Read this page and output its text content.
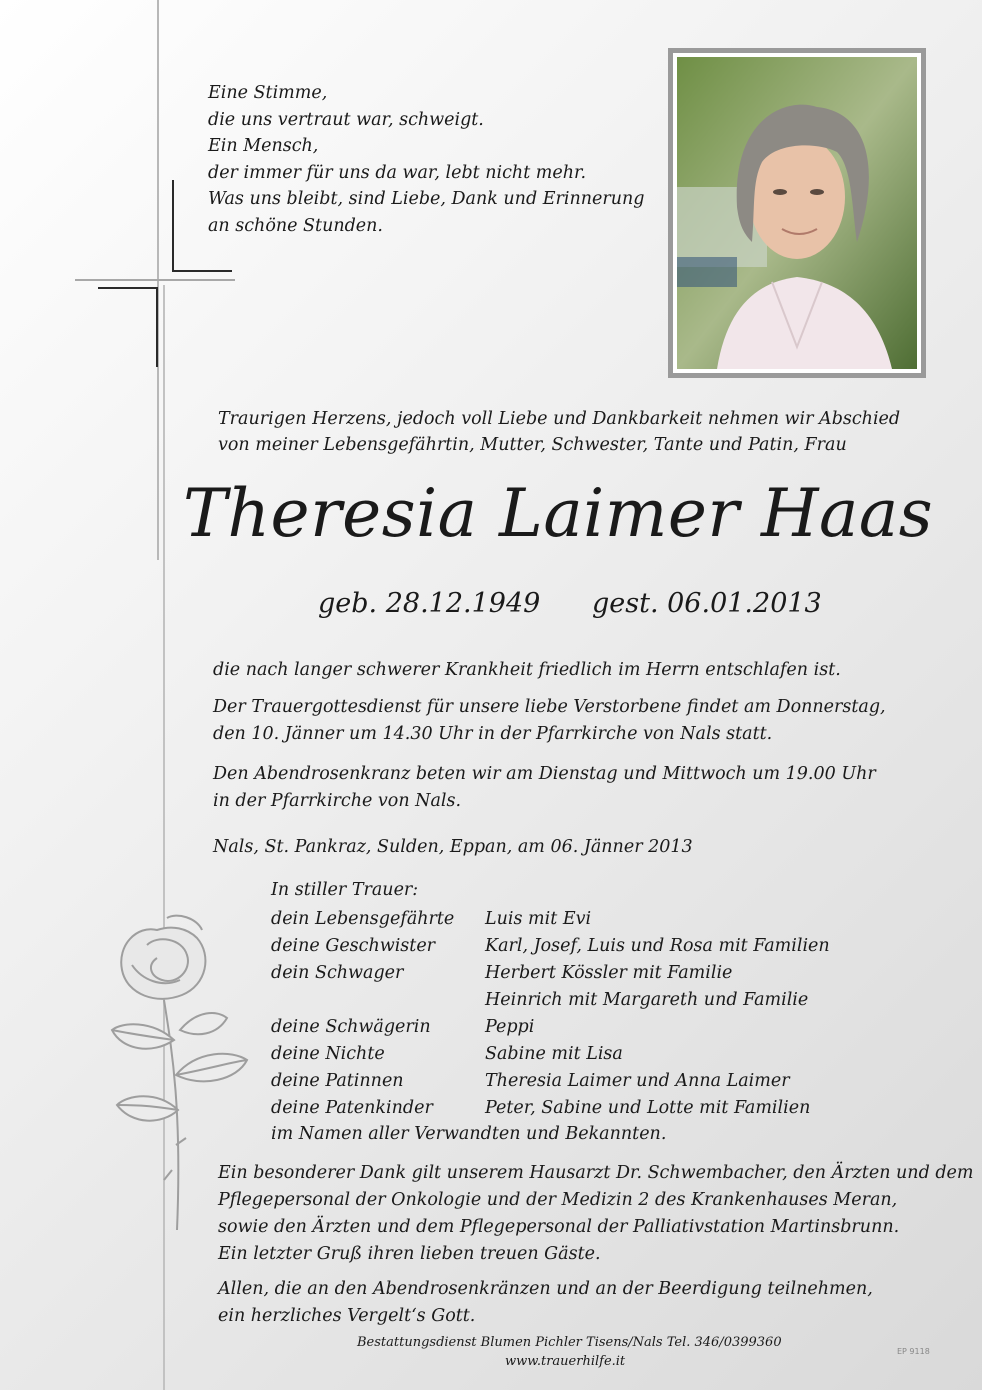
Eine Stimme,
die uns vertraut war, schweigt.
Ein Mensch,
der immer für uns da war, lebt nicht mehr.
Was uns bleibt, sind Liebe, Dank und Erinnerung
an schöne Stunden.
Traurigen Herzens, jedoch voll Liebe und Dankbarkeit nehmen wir Abschied
von meiner Lebensgefährtin, Mutter, Schwester, Tante und Patin, Frau
Theresia Laimer Haas
geb. 28.12.1949 gest. 06.01.2013
die nach langer schwerer Krankheit friedlich im Herrn entschlafen ist.
Der Trauergottesdienst für unsere liebe Verstorbene findet am Donnerstag,
den 10. Jänner um 14.30 Uhr in der Pfarrkirche von Nals statt.
Den Abendrosenkranz beten wir am Dienstag und Mittwoch um 19.00 Uhr
in der Pfarrkirche von Nals.
Nals, St. Pankraz, Sulden, Eppan, am 06. Jänner 2013
In stiller Trauer:
dein Lebensgefährte	Luis mit Evi
deine Geschwister	Karl, Josef, Luis und Rosa mit Familien
dein Schwager	Herbert Kössler mit Familie
Heinrich mit Margareth und Familie
deine Schwägerin	Peppi
deine Nichte	Sabine mit Lisa
deine Patinnen	Theresia Laimer und Anna Laimer
deine Patenkinder	Peter, Sabine und Lotte mit Familien
im Namen aller Verwandten und Bekannten.
Ein besonderer Dank gilt unserem Hausarzt Dr. Schwembacher, den Ärzten und dem
Pflegepersonal der Onkologie und der Medizin 2 des Krankenhauses Meran,
sowie den Ärzten und dem Pflegepersonal der Palliativstation Martinsbrunn.
Ein letzter Gruß ihren lieben treuen Gäste.
Allen, die an den Abendrosenkränzen und an der Beerdigung teilnehmen,
ein herzliches Vergelt‘s Gott.
Bestattungsdienst Blumen Pichler Tisens/Nals Tel. 346/0399360
www.trauerhilfe.it
EP 9118
